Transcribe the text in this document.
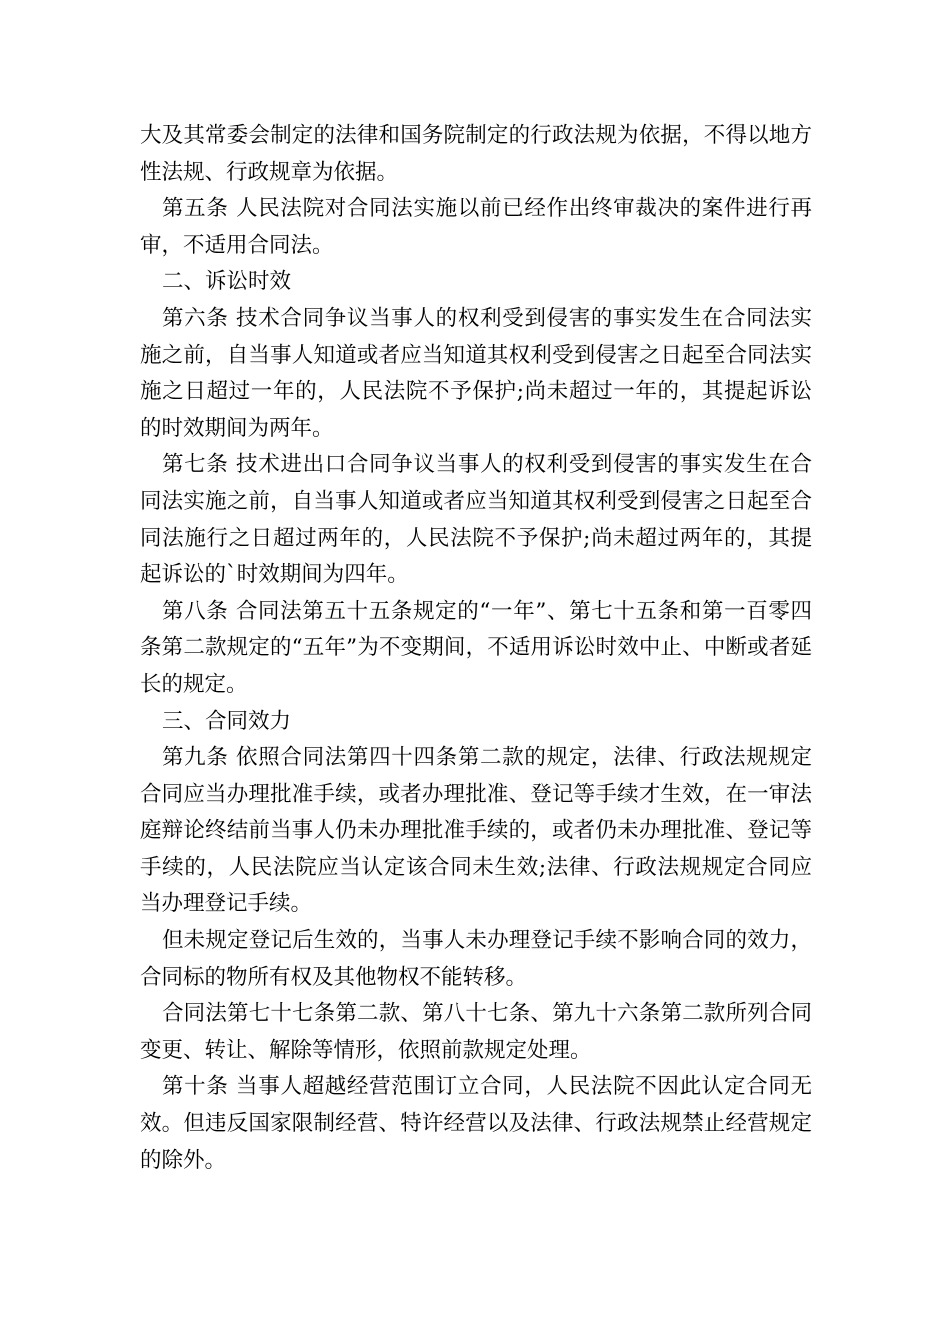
大及其常委会制定的法律和国务院制定的行政法规为依据，不得以地方性法规、行政规章为依据。

第五条 人民法院对合同法实施以前已经作出终审裁决的案件进行再审，不适用合同法。

二、诉讼时效

第六条 技术合同争议当事人的权利受到侵害的事实发生在合同法实施之前，自当事人知道或者应当知道其权利受到侵害之日起至合同法实施之日超过一年的，人民法院不予保护;尚未超过一年的，其提起诉讼的时效期间为两年。

第七条 技术进出口合同争议当事人的权利受到侵害的事实发生在合同法实施之前，自当事人知道或者应当知道其权利受到侵害之日起至合同法施行之日超过两年的，人民法院不予保护;尚未超过两年的，其提起诉讼的`时效期间为四年。

第八条 合同法第五十五条规定的“一年”、第七十五条和第一百零四条第二款规定的“五年”为不变期间，不适用诉讼时效中止、中断或者延长的规定。

三、合同效力

第九条 依照合同法第四十四条第二款的规定，法律、行政法规规定合同应当办理批准手续，或者办理批准、登记等手续才生效，在一审法庭辩论终结前当事人仍未办理批准手续的，或者仍未办理批准、登记等手续的，人民法院应当认定该合同未生效;法律、行政法规规定合同应当办理登记手续。

但未规定登记后生效的，当事人未办理登记手续不影响合同的效力，合同标的物所有权及其他物权不能转移。

合同法第七十七条第二款、第八十七条、第九十六条第二款所列合同变更、转让、解除等情形，依照前款规定处理。

第十条 当事人超越经营范围订立合同，人民法院不因此认定合同无效。但违反国家限制经营、特许经营以及法律、行政法规禁止经营规定的除外。
